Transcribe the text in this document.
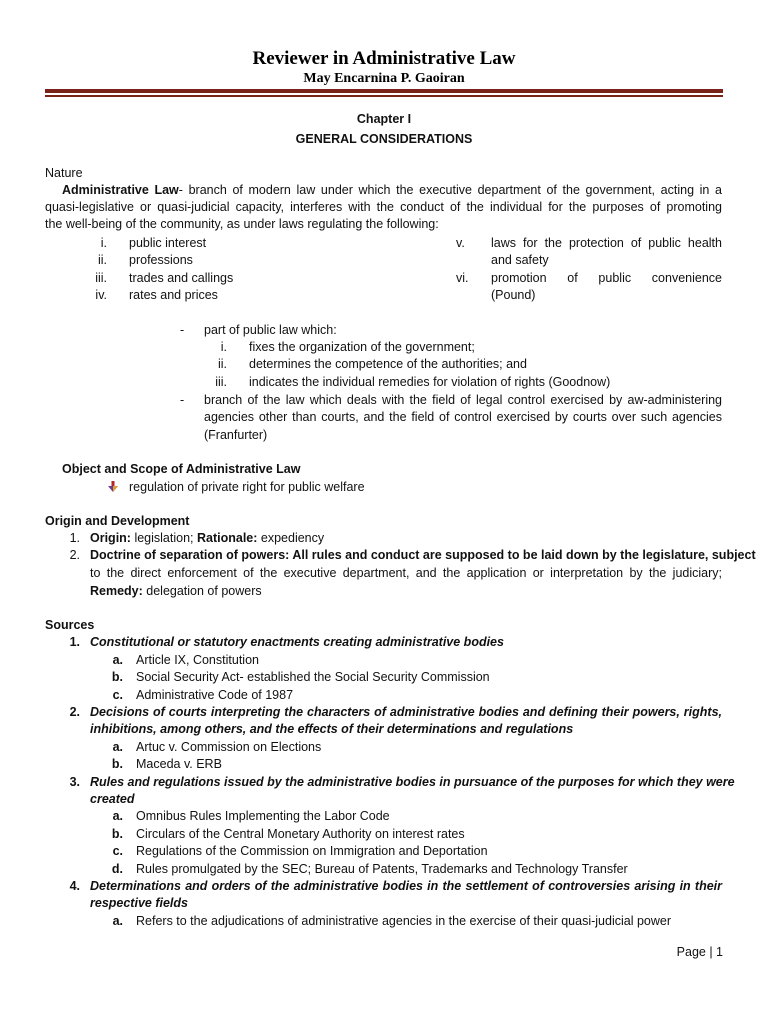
Reviewer in Administrative Law
May Encarnina P. Gaoiran
Chapter I
GENERAL CONSIDERATIONS
Nature
Administrative Law- branch of modern law under which the executive department of the government, acting in a
quasi-legislative or quasi-judicial capacity, interferes with the conduct of the individual for the purposes of promoting
the well-being of the community, as under laws regulating the following:
i. public interest
ii. professions
iii. trades and callings
iv. rates and prices
v. laws for the protection of public health
and safety
vi. promotion of public convenience
(Pound)
- part of public law which:
i. fixes the organization of the government;
ii. determines the competence of the authorities; and
iii. indicates the individual remedies for violation of rights (Goodnow)
- branch of the law which deals with the field of legal control exercised by aw-administering
agencies other than courts, and the field of control exercised by courts over such agencies
(Franfurter)
Object and Scope of Administrative Law
regulation of private right for public welfare
Origin and Development
1. Origin: legislation; Rationale: expediency
2. Doctrine of separation of powers: All rules and conduct are supposed to be laid down by the legislature, subject
to the direct enforcement of the executive department, and the application or interpretation by the judiciary;
Remedy: delegation of powers
Sources
1. Constitutional or statutory enactments creating administrative bodies
a. Article IX, Constitution
b. Social Security Act- established the Social Security Commission
c. Administrative Code of 1987
2. Decisions of courts interpreting the characters of administrative bodies and defining their powers, rights,
inhibitions, among others, and the effects of their determinations and regulations
a. Artuc v. Commission on Elections
b. Maceda v. ERB
3. Rules and regulations issued by the administrative bodies in pursuance of the purposes for which they were
created
a. Omnibus Rules Implementing the Labor Code
b. Circulars of the Central Monetary Authority on interest rates
c. Regulations of the Commission on Immigration and Deportation
d. Rules promulgated by the SEC; Bureau of Patents, Trademarks and Technology Transfer
4. Determinations and orders of the administrative bodies in the settlement of controversies arising in their
respective fields
a. Refers to the adjudications of administrative agencies in the exercise of their quasi-judicial power
Page | 1
